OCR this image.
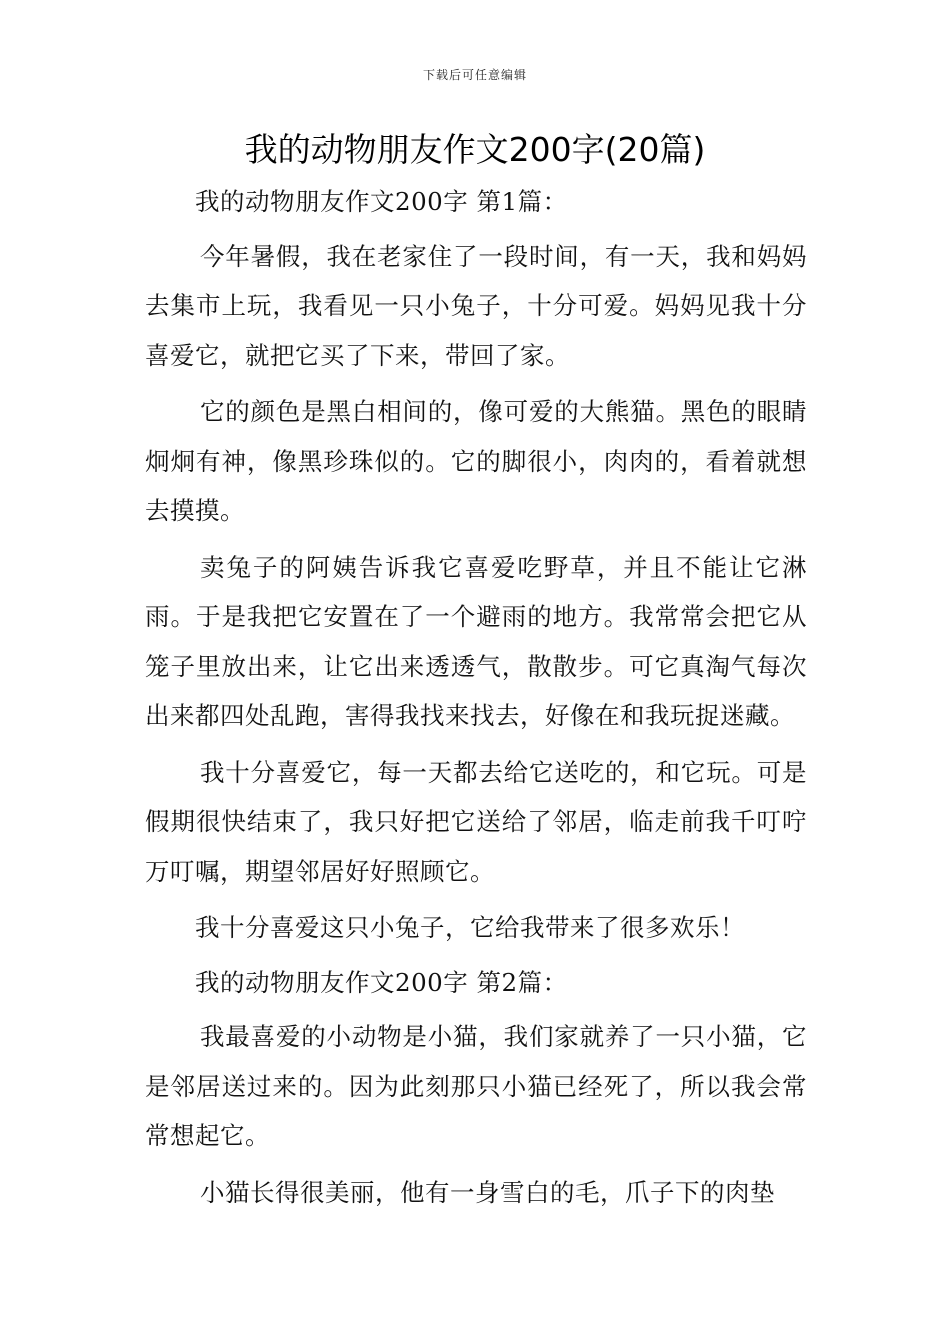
下载后可任意编辑
我的动物朋友作文200字(20篇)

我的动物朋友作文200字 第1篇：

今年暑假，我在老家住了一段时间，有一天，我和妈妈去集市上玩，我看见一只小兔子，十分可爱。妈妈见我十分喜爱它，就把它买了下来，带回了家。

它的颜色是黑白相间的，像可爱的大熊猫。黑色的眼睛炯炯有神，像黑珍珠似的。它的脚很小，肉肉的，看着就想去摸摸。

卖兔子的阿姨告诉我它喜爱吃野草，并且不能让它淋雨。于是我把它安置在了一个避雨的地方。我常常会把它从笼子里放出来，让它出来透透气，散散步。可它真淘气每次出来都四处乱跑，害得我找来找去，好像在和我玩捉迷藏。

我十分喜爱它，每一天都去给它送吃的，和它玩。可是假期很快结束了，我只好把它送给了邻居，临走前我千叮咛万叮嘱，期望邻居好好照顾它。

我十分喜爱这只小兔子，它给我带来了很多欢乐！

我的动物朋友作文200字 第2篇：

我最喜爱的小动物是小猫，我们家就养了一只小猫，它是邻居送过来的。因为此刻那只小猫已经死了，所以我会常常想起它。

小猫长得很美丽，他有一身雪白的毛，爪子下的肉垫
